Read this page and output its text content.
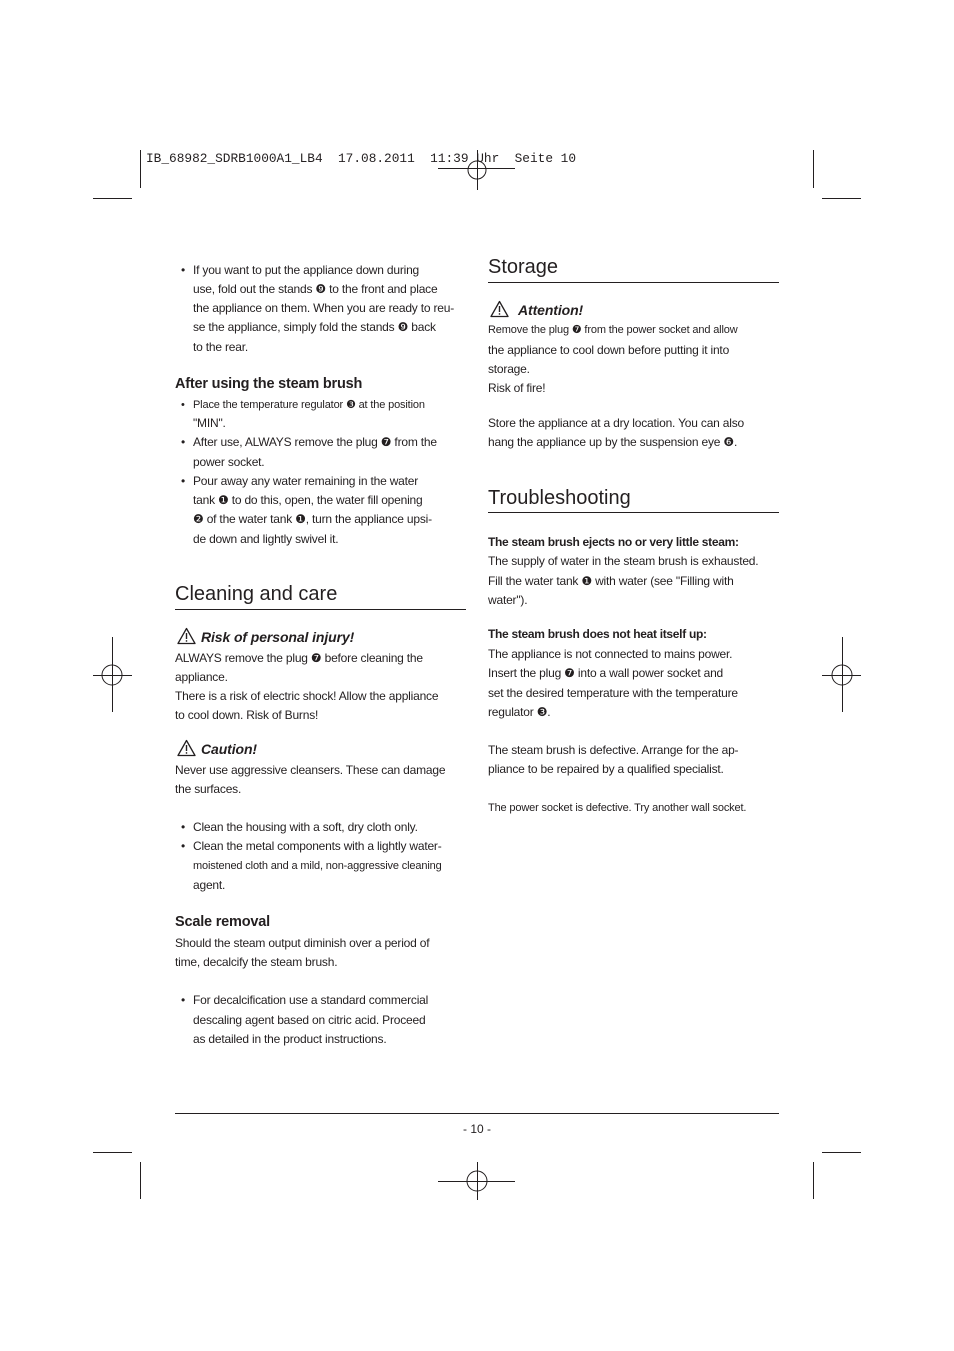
IB_68982_SDRB1000A1_LB4  17.08.2011  11:39 Uhr  Seite 10
• If you want to put the appliance down during
use, fold out the stands ❾ to the front and place
the appliance on them. When you are ready to reu-
se the appliance, simply fold the stands ❾ back
to the rear.
After using the steam brush
• Place the temperature regulator ❸ at the position
"MIN".
• After use, ALWAYS remove the plug ❼ from the
power socket.
• Pour away any water remaining in the water
tank ❶ to do this, open, the water fill opening
❷ of the water tank ❶, turn the appliance upsi-
de down and lightly swivel it.
Cleaning and care
Risk of personal injury!
ALWAYS remove the plug ❼ before cleaning the
appliance.
There is a risk of electric shock! Allow the appliance
to cool down. Risk of Burns!
Caution!
Never use aggressive cleansers. These can damage
the surfaces.
• Clean the housing with a soft, dry cloth only.
• Clean the metal components with a lightly water-
moistened cloth and a mild, non-aggressive cleaning
agent.
Scale removal
Should the steam output diminish over a period of
time, decalcify the steam brush.
• For decalcification use a standard commercial
descaling agent based on citric acid. Proceed
as detailed in the product instructions.
Storage
Attention!
Remove the plug ❼ from the power socket and allow
the appliance to cool down before putting it into
storage.
Risk of fire!
Store the appliance at a dry location. You can also
hang the appliance up by the suspension eye ❻.
Troubleshooting
The steam brush ejects no or very little steam:
The supply of water in the steam brush is exhausted.
Fill the water tank ❶ with water (see "Filling with
water").
The steam brush does not heat itself up:
The appliance is not connected to mains power.
Insert the plug ❼ into a wall power socket and
set the desired temperature with the temperature
regulator ❸.
The steam brush is defective. Arrange for the ap-
pliance to be repaired by a qualified specialist.
The power socket is defective. Try another wall socket.
- 10 -
